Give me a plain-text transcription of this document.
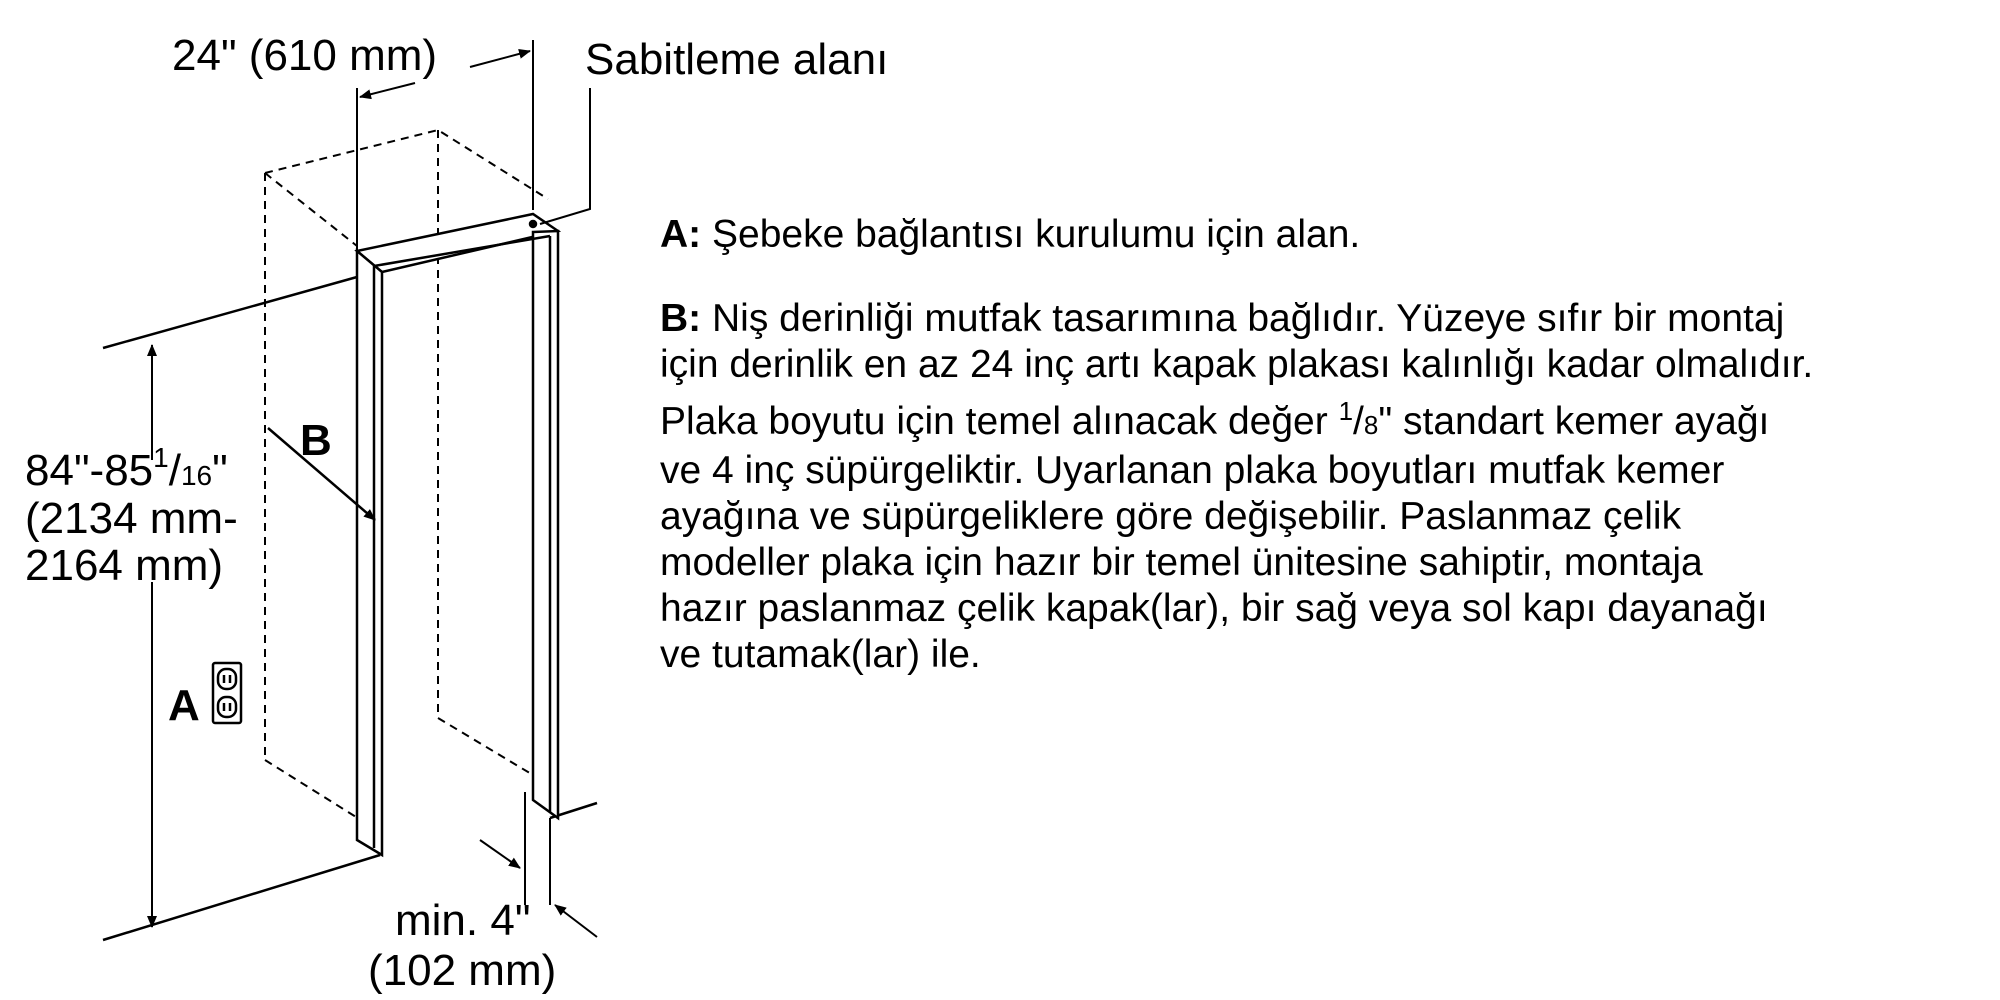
24" (610 mm)	Sabitleme alanı
$84"-85^1/16$"
(2134 mm-
2164 mm)
B
A
min. 4"
(102 mm)

A: Şebeke bağlantısı kurulumu için alan.

B: Niş derinliği mutfak tasarımına bağlıdır. Yüzeye sıfır bir montaj
için derinlik en az 24 inç artı kapak plakası kalınlığı kadar olmalıdır.
Plaka boyutu için temel alınacak değer $^1$/8" standart kemer ayağı
ve 4 inç süpürgeliktir. Uyarlanan plaka boyutları mutfak kemer
ayağına ve süpürgeliklere göre değişebilir. Paslanmaz çelik
modeller plaka için hazır bir temel ünitesine sahiptir, montaja
hazır paslanmaz çelik kapak(lar), bir sağ veya sol kapı dayanağı
ve tutamak(lar) ile.
